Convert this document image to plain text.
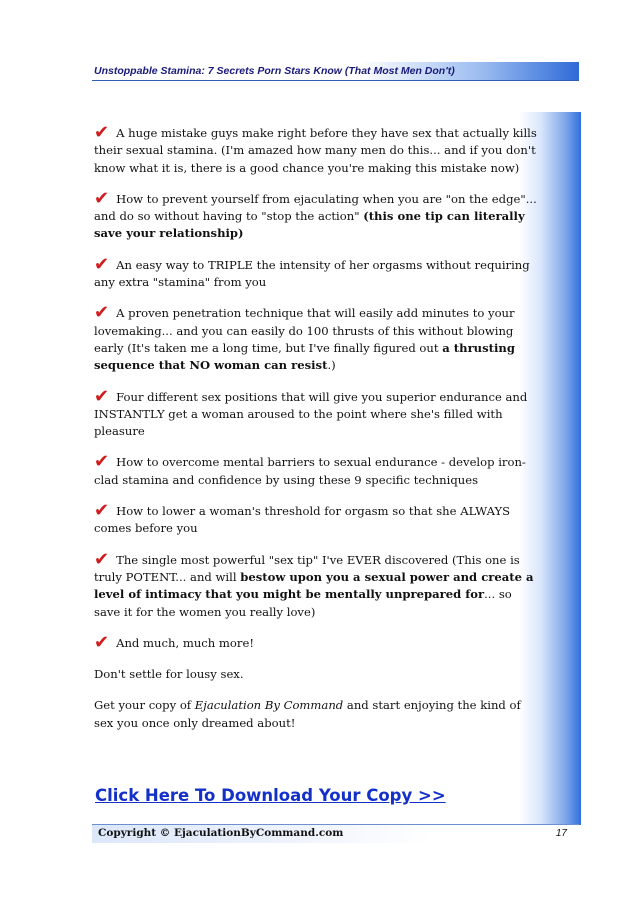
Unstoppable Stamina: 7 Secrets Porn Stars Know (That Most Men Don't)

✔ A huge mistake guys make right before they have sex that actually kills their sexual stamina. (I'm amazed how many men do this... and if you don't know what it is, there is a good chance you're making this mistake now)

✔ How to prevent yourself from ejaculating when you are "on the edge"... and do so without having to "stop the action" (this one tip can literally save your relationship)

✔ An easy way to TRIPLE the intensity of her orgasms without requiring any extra "stamina" from you

✔ A proven penetration technique that will easily add minutes to your lovemaking... and you can easily do 100 thrusts of this without blowing early (It's taken me a long time, but I've finally figured out a thrusting sequence that NO woman can resist.)

✔ Four different sex positions that will give you superior endurance and INSTANTLY get a woman aroused to the point where she's filled with pleasure

✔ How to overcome mental barriers to sexual endurance - develop iron-clad stamina and confidence by using these 9 specific techniques

✔ How to lower a woman's threshold for orgasm so that she ALWAYS comes before you

✔ The single most powerful "sex tip" I've EVER discovered (This one is truly POTENT... and will bestow upon you a sexual power and create a level of intimacy that you might be mentally unprepared for... so save it for the women you really love)

✔ And much, much more!

Don't settle for lousy sex.

Get your copy of Ejaculation By Command and start enjoying the kind of sex you once only dreamed about!

Click Here To Download Your Copy >>
Copyright © EjaculationByCommand.com	17
